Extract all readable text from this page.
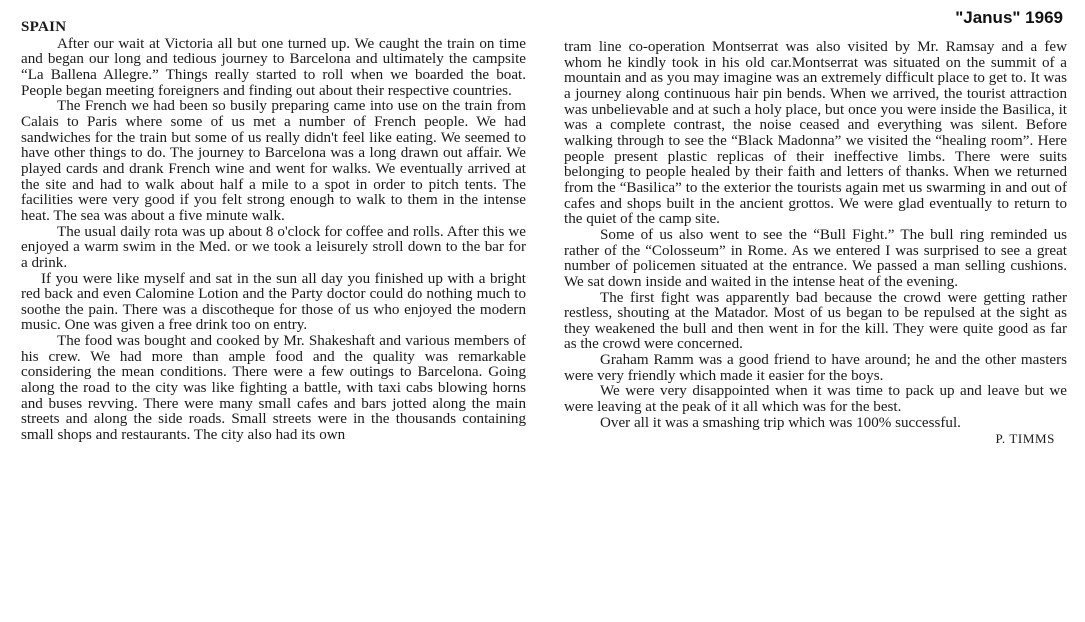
"Janus" 1969
SPAIN

After our wait at Victoria all but one turned up. We caught the train on time and began our long and tedious journey to Barcelona and ultimately the campsite “La Ballena Allegre.” Things really started to roll when we boarded the boat. People began meeting foreigners and finding out about their respective countries.

The French we had been so busily preparing came into use on the train from Calais to Paris where some of us met a number of French people. We had sandwiches for the train but some of us really didn't feel like eating. We seemed to have other things to do. The journey to Barcelona was a long drawn out affair. We played cards and drank French wine and went for walks. We eventually arrived at the site and had to walk about half a mile to a spot in order to pitch tents. The facilities were very good if you felt strong enough to walk to them in the intense heat. The sea was about a five minute walk.

The usual daily rota was up about 8 o'clock for coffee and rolls. After this we enjoyed a warm swim in the Med. or we took a leisurely stroll down to the bar for a drink.

If you were like myself and sat in the sun all day you finished up with a bright red back and even Calomine Lotion and the Party doctor could do nothing much to soothe the pain. There was a discotheque for those of us who enjoyed the modern music. One was given a free drink too on entry.

The food was bought and cooked by Mr. Shakeshaft and various members of his crew. We had more than ample food and the quality was remarkable considering the mean conditions. There were a few outings to Barcelona. Going along the road to the city was like fighting a battle, with taxi cabs blowing horns and buses revving. There were many small cafes and bars jotted along the main streets and along the side roads. Small streets were in the thousands containing small shops and restaurants. The city also had its own

tram line co-operation Montserrat was also visited by Mr. Ramsay and a few whom he kindly took in his old car.Montserrat was situated on the summit of a mountain and as you may imagine was an extremely difficult place to get to. It was a journey along continuous hair pin bends. When we arrived, the tourist attraction was unbelievable and at such a holy place, but once you were inside the Basilica, it was a complete contrast, the noise ceased and everything was silent. Before walking through to see the “Black Madonna” we visited the “healing room”. Here people present plastic replicas of their ineffective limbs. There were suits belonging to people healed by their faith and letters of thanks. When we returned from the “Basilica” to the exterior the tourists again met us swarming in and out of cafes and shops built in the ancient grottos. We were glad eventually to return to the quiet of the camp site.

Some of us also went to see the “Bull Fight.” The bull ring reminded us rather of the “Colosseum” in Rome. As we entered I was surprised to see a great number of policemen situated at the entrance. We passed a man selling cushions. We sat down inside and waited in the intense heat of the evening.

The first fight was apparently bad because the crowd were getting rather restless, shouting at the Matador. Most of us began to be repulsed at the sight as they weakened the bull and then went in for the kill. They were quite good as far as the crowd were concerned.

Graham Ramm was a good friend to have around; he and the other masters were very friendly which made it easier for the boys.

We were very disappointed when it was time to pack up and leave but we were leaving at the peak of it all which was for the best.

Over all it was a smashing trip which was 100% successful.

P. TIMMS
